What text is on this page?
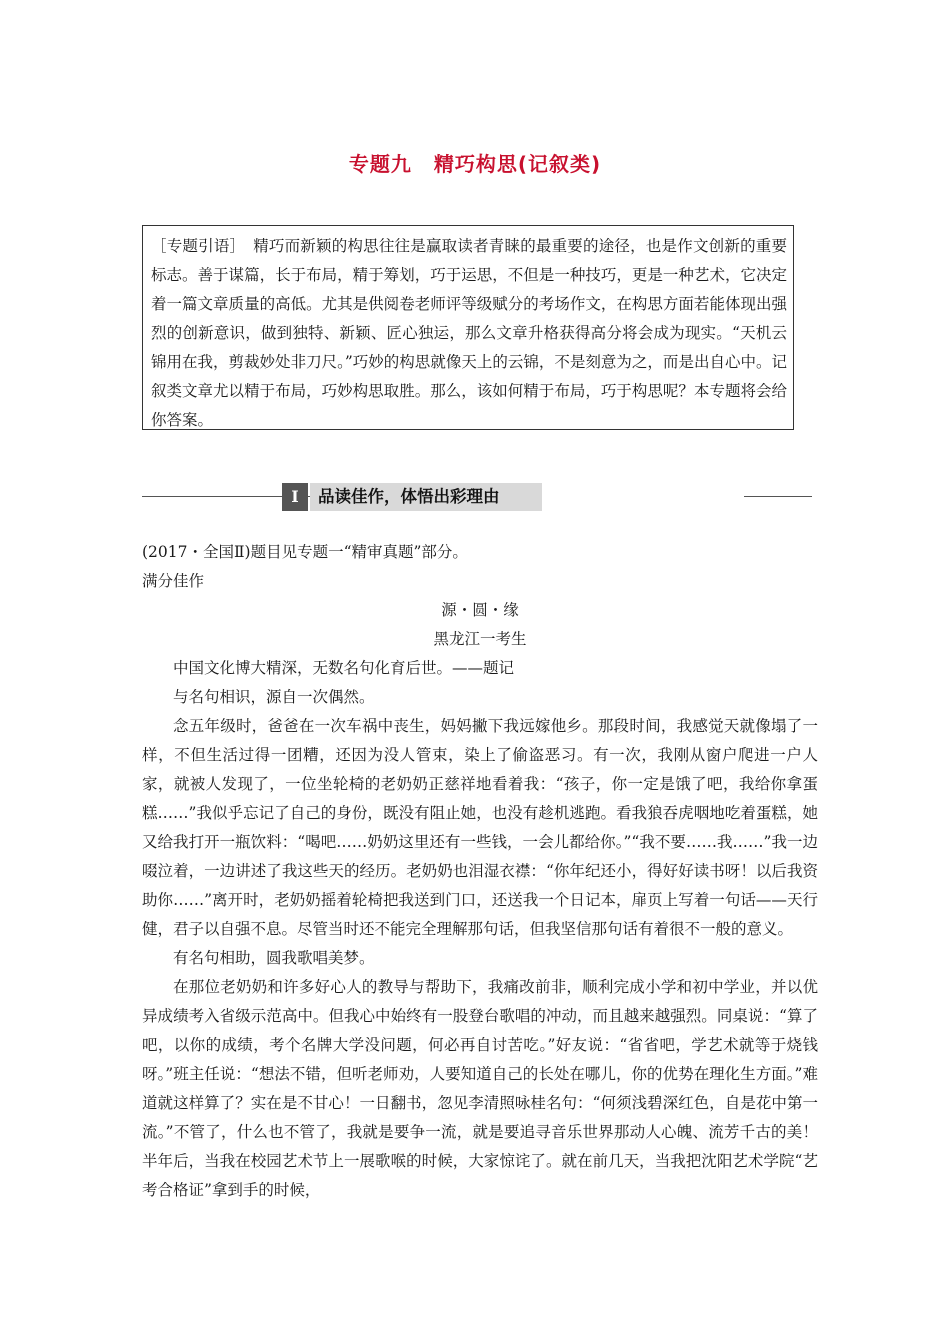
专题九 精巧构思(记叙类)
［专题引语］　精巧而新颖的构思往往是赢取读者青睐的最重要的途径，也是作文创新的重要标志。善于谋篇，长于布局，精于筹划，巧于运思，不但是一种技巧，更是一种艺术，它决定着一篇文章质量的高低。尤其是供阅卷老师评等级赋分的考场作文，在构思方面若能体现出强烈的创新意识，做到独特、新颖、匠心独运，那么文章升格获得高分将会成为现实。“天机云锦用在我，剪裁妙处非刀尺。”巧妙的构思就像天上的云锦，不是刻意为之，而是出自心中。记叙类文章尤以精于布局，巧妙构思取胜。那么，该如何精于布局，巧于构思呢？本专题将会给你答案。
Ⅰ	品读佳作，体悟出彩理由

(2017・全国Ⅱ)题目见专题一“精审真题”部分。

满分佳作

源・圆・缘

黑龙江一考生

中国文化博大精深，无数名句化育后世。——题记

与名句相识，源自一次偶然。

念五年级时，爸爸在一次车祸中丧生，妈妈撇下我远嫁他乡。那段时间，我感觉天就像塌了一样，不但生活过得一团糟，还因为没人管束，染上了偷盗恶习。有一次，我刚从窗户爬进一户人家，就被人发现了，一位坐轮椅的老奶奶正慈祥地看着我：“孩子，你一定是饿了吧，我给你拿蛋糕……”我似乎忘记了自己的身份，既没有阻止她，也没有趁机逃跑。看我狼吞虎咽地吃着蛋糕，她又给我打开一瓶饮料：“喝吧……奶奶这里还有一些钱，一会儿都给你。”“我不要……我……”我一边啜泣着，一边讲述了我这些天的经历。老奶奶也泪湿衣襟：“你年纪还小，得好好读书呀！以后我资助你……”离开时，老奶奶摇着轮椅把我送到门口，还送我一个日记本，扉页上写着一句话——天行健，君子以自强不息。尽管当时还不能完全理解那句话，但我坚信那句话有着很不一般的意义。

有名句相助，圆我歌唱美梦。

在那位老奶奶和许多好心人的教导与帮助下，我痛改前非，顺利完成小学和初中学业，并以优异成绩考入省级示范高中。但我心中始终有一股登台歌唱的冲动，而且越来越强烈。同桌说：“算了吧，以你的成绩，考个名牌大学没问题，何必再自讨苦吃。”好友说：“省省吧，学艺术就等于烧钱呀。”班主任说：“想法不错，但听老师劝，人要知道自己的长处在哪儿，你的优势在理化生方面。”难道就这样算了？实在是不甘心！一日翻书，忽见李清照咏桂名句：“何须浅碧深红色，自是花中第一流。”不管了，什么也不管了，我就是要争一流，就是要追寻音乐世界那动人心魄、流芳千古的美！半年后，当我在校园艺术节上一展歌喉的时候，大家惊诧了。就在前几天，当我把沈阳艺术学院“艺考合格证”拿到手的时候，
